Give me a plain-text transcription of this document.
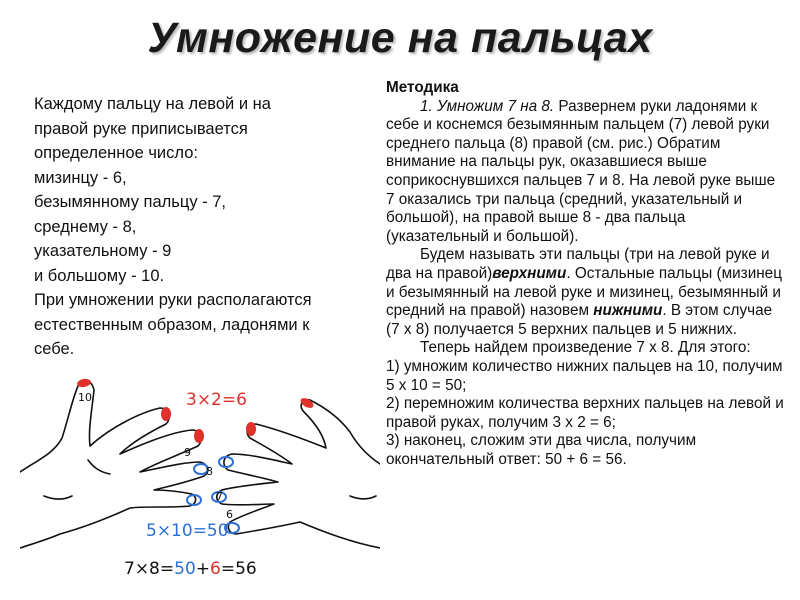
Умножение на пальцах
Каждому пальцу на левой и на
правой руке приписывается
определенное число:
мизинцу - 6,
безымянному пальцу - 7,
среднему - 8,
указательному - 9
и большому - 10.
При умножении руки располагаются
естественным образом, ладонями к
себе.

Методика

1. Умножим 7 на 8. Развернем руки ладонями к себе и коснемся безымянным пальцем (7) левой руки среднего пальца (8) правой (см. рис.) Обратим внимание на пальцы рук, оказавшиеся выше соприкоснувшихся пальцев 7 и 8. На левой руке выше 7 оказались три пальца (средний, указательный и большой), на правой выше 8 - два пальца (указательный и большой).

Будем называть эти пальцы (три на левой руке и два на правой)верхними. Остальные пальцы (мизинец и безымянный на левой руке и мизинец, безымянный и средний на правой) назовем нижними. В этом случае (7 х 8) получается 5 верхних пальцев и 5 нижних.

Теперь найдем произведение 7 х 8. Для этого:

1) умножим количество нижних пальцев на 10, получим 5 х 10 = 50;

2) перемножим количества верхних пальцев на левой и правой руках, получим 3 х 2 = 6;

3) наконец, сложим эти два числа, получим окончательный ответ: 50 + 6 = 56.

10
9
8
7
6
3×2=6
5×10=50
7×8=50+6=56
